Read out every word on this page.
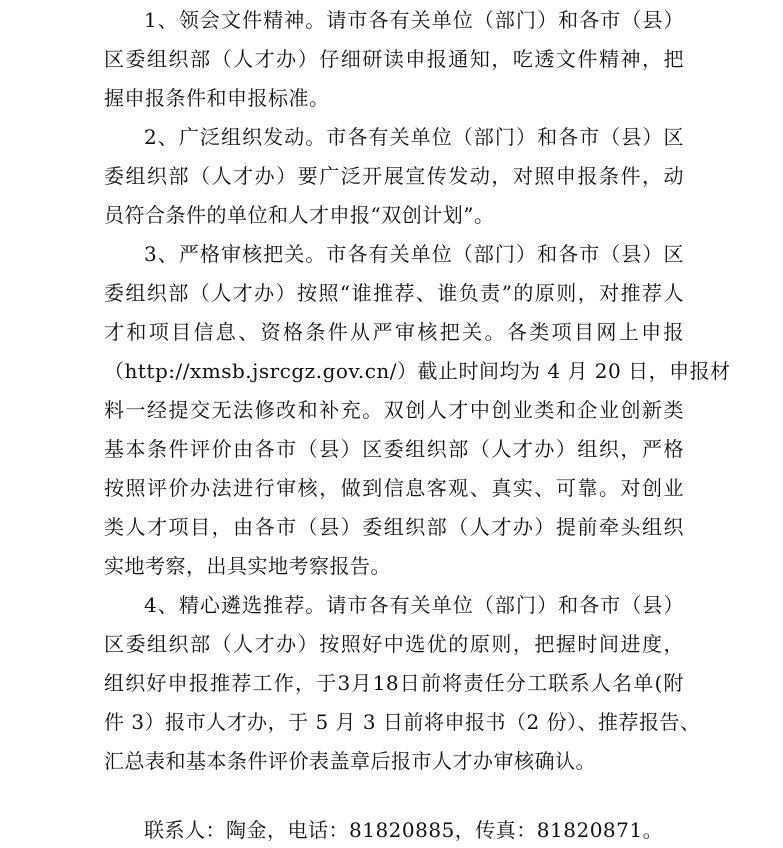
1、领会文件精神。请市各有关单位（部门）和各市（县）
区委组织部（人才办）仔细研读申报通知，吃透文件精神，把
握申报条件和申报标准。
2、广泛组织发动。市各有关单位（部门）和各市（县）区
委组织部（人才办）要广泛开展宣传发动，对照申报条件，动
员符合条件的单位和人才申报“双创计划”。
3、严格审核把关。市各有关单位（部门）和各市（县）区
委组织部（人才办）按照“谁推荐、谁负责”的原则，对推荐人
才和项目信息、资格条件从严审核把关。各类项目网上申报
（http://xmsb.jsrcgz.gov.cn/）截止时间均为 4 月 20 日，申报材
料一经提交无法修改和补充。双创人才中创业类和企业创新类
基本条件评价由各市（县）区委组织部（人才办）组织，严格
按照评价办法进行审核，做到信息客观、真实、可靠。对创业
类人才项目，由各市（县）委组织部（人才办）提前牵头组织
实地考察，出具实地考察报告。
4、精心遴选推荐。请市各有关单位（部门）和各市（县）
区委组织部（人才办）按照好中选优的原则，把握时间进度，
组织好申报推荐工作，于3月18日前将责任分工联系人名单(附
件 3）报市人才办，于 5 月 3 日前将申报书（2 份）、推荐报告、
汇总表和基本条件评价表盖章后报市人才办审核确认。
联系人：陶金，电话：81820885，传真：81820871。
